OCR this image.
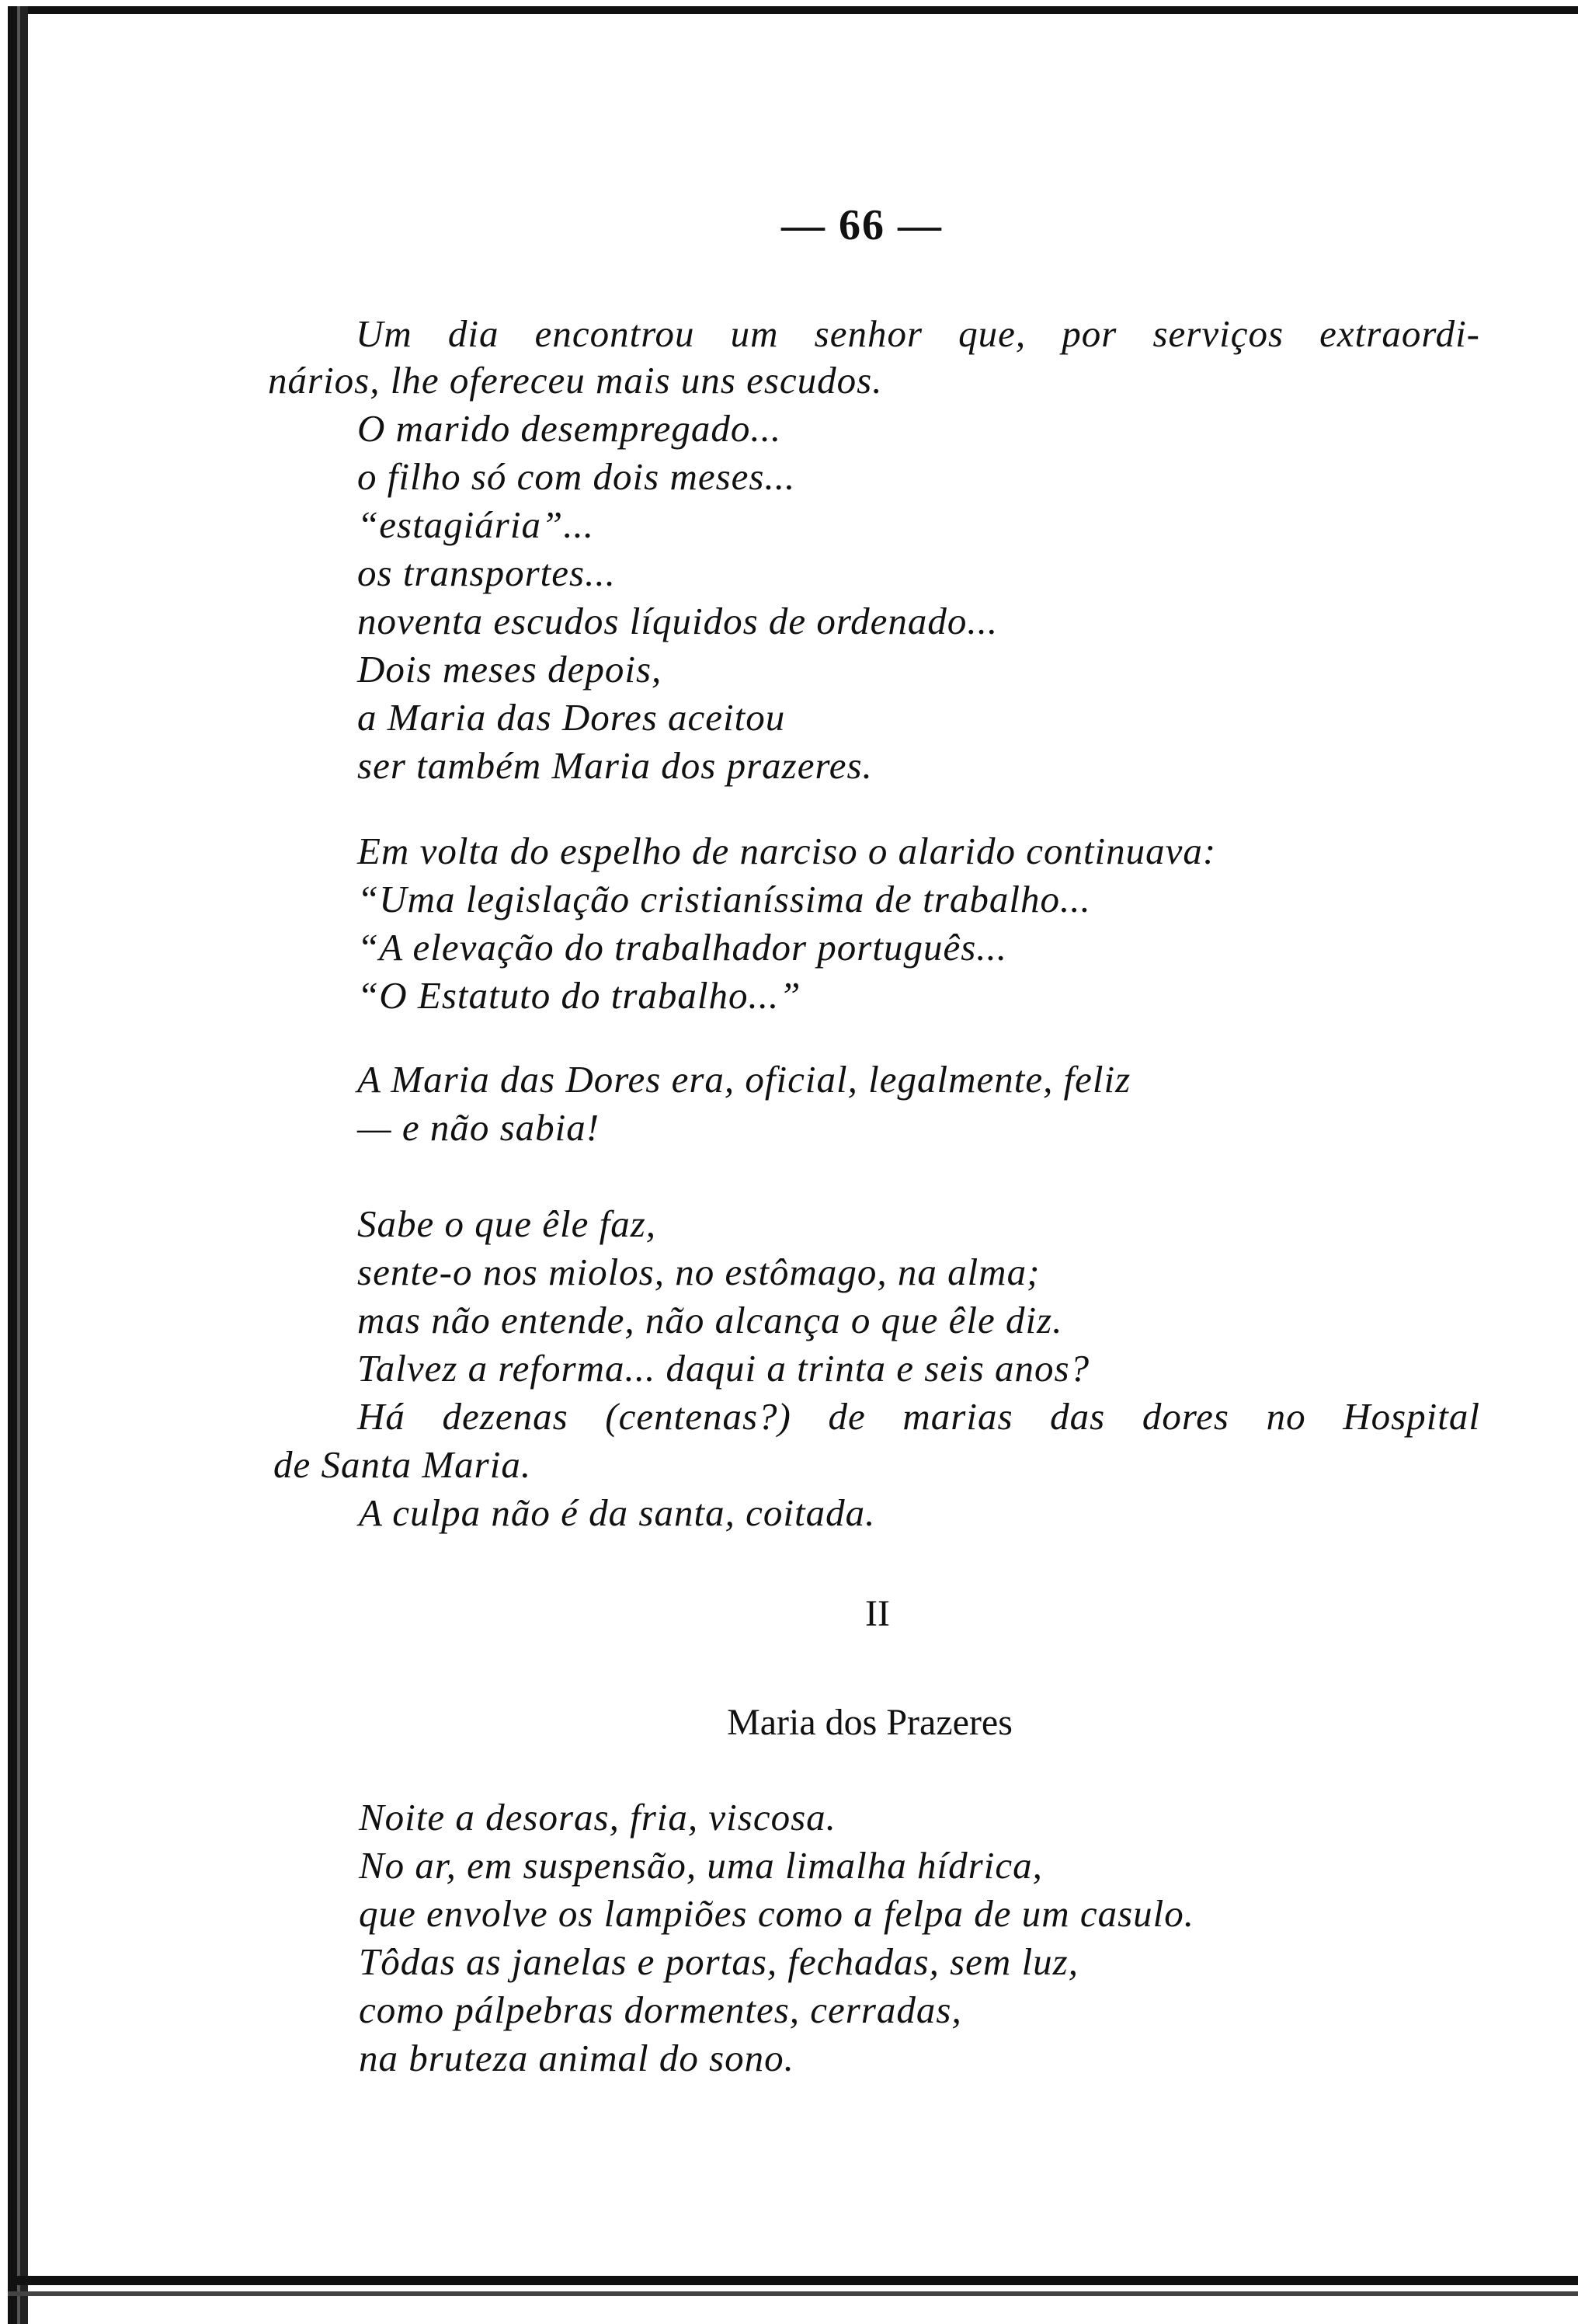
— 66 —
Um dia encontrou um senhor que, por serviços extraordi-
nários, lhe ofereceu mais uns escudos.
O marido desempregado...
o filho só com dois meses...
“estagiária”...
os transportes...
noventa escudos líquidos de ordenado...
Dois meses depois,
a Maria das Dores aceitou
ser também Maria dos prazeres.
Em volta do espelho de narciso o alarido continuava:
“Uma legislação cristianíssima de trabalho...
“A elevação do trabalhador português...
“O Estatuto do trabalho...”
A Maria das Dores era, oficial, legalmente, feliz
— e não sabia!
Sabe o que êle faz,
sente-o nos miolos, no estômago, na alma;
mas não entende, não alcança o que êle diz.
Talvez a reforma... daqui a trinta e seis anos?
Há dezenas (centenas?) de marias das dores no Hospital
de Santa Maria.
A culpa não é da santa, coitada.
II
Maria dos Prazeres
Noite a desoras, fria, viscosa.
No ar, em suspensão, uma limalha hídrica,
que envolve os lampiões como a felpa de um casulo.
Tôdas as janelas e portas, fechadas, sem luz,
como pálpebras dormentes, cerradas,
na bruteza animal do sono.
